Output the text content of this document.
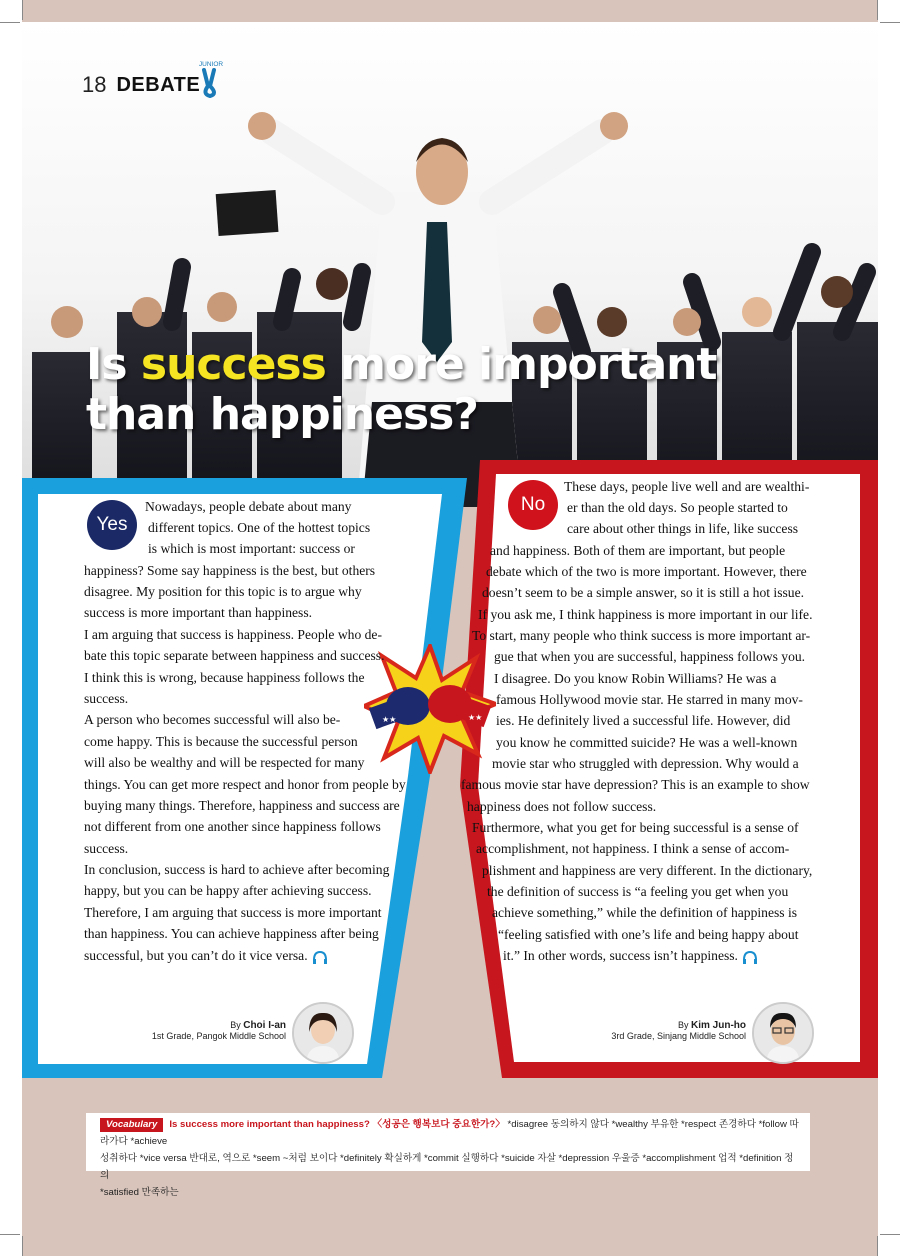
18 DEBATE
JUNIOR
Is success more important
than happiness?
★★	★★
Yes
No
Nowadays, people debate about many
different topics. One of the hottest topics
is which is most important: success or
happiness? Some say happiness is the best, but others
disagree. My position for this topic is to argue why
success is more important than happiness.
I am arguing that success is happiness. People who de-
bate this topic separate between happiness and success.
I think this is wrong, because happiness follows the
success.
A person who becomes successful will also be-
come happy. This is because the successful person
will also be wealthy and will be respected for many
things. You can get more respect and honor from people by
buying many things. Therefore, happiness and success are
not different from one another since happiness follows
success.
In conclusion, success is hard to achieve after becoming
happy, but you can be happy after achieving success.
Therefore, I am arguing that success is more important
than happiness. You can achieve happiness after being
successful, but you can’t do it vice versa.
These days, people live well and are wealthi-
er than the old days. So people started to
care about other things in life, like success
and happiness. Both of them are important, but people
debate which of the two is more important. However, there
doesn’t seem to be a simple answer, so it is still a hot issue.
If you ask me, I think happiness is more important in our life.
To start, many people who think success is more important ar-
gue that when you are successful, happiness follows you.
I disagree. Do you know Robin Williams? He was a
famous Hollywood movie star. He starred in many mov-
ies. He definitely lived a successful life. However, did
you know he committed suicide? He was a well-known
movie star who struggled with depression. Why would a
famous movie star have depression? This is an example to show
happiness does not follow success.
Furthermore, what you get for being successful is a sense of
accomplishment, not happiness. I think a sense of accom-
plishment and happiness are very different. In the dictionary,
the definition of success is “a feeling you get when you
achieve something,” while the definition of happiness is
“feeling satisfied with one’s life and being happy about
it.” In other words, success isn’t happiness.
By Choi I-an
1st Grade, Pangok Middle School
By Kim Jun-ho
3rd Grade, Sinjang Middle School
Vocabulary Is success more important than happiness? 〈성공은 행복보다 중요한가?〉 *disagree 동의하지 않다 *wealthy 부유한 *respect 존경하다 *follow 따라가다 *achieve
성취하다 *vice versa 반대로, 역으로 *seem ~처럼 보이다 *definitely 확실하게 *commit 실행하다 *suicide 자살 *depression 우울증 *accomplishment 업적 *definition 정의
*satisfied 만족하는
